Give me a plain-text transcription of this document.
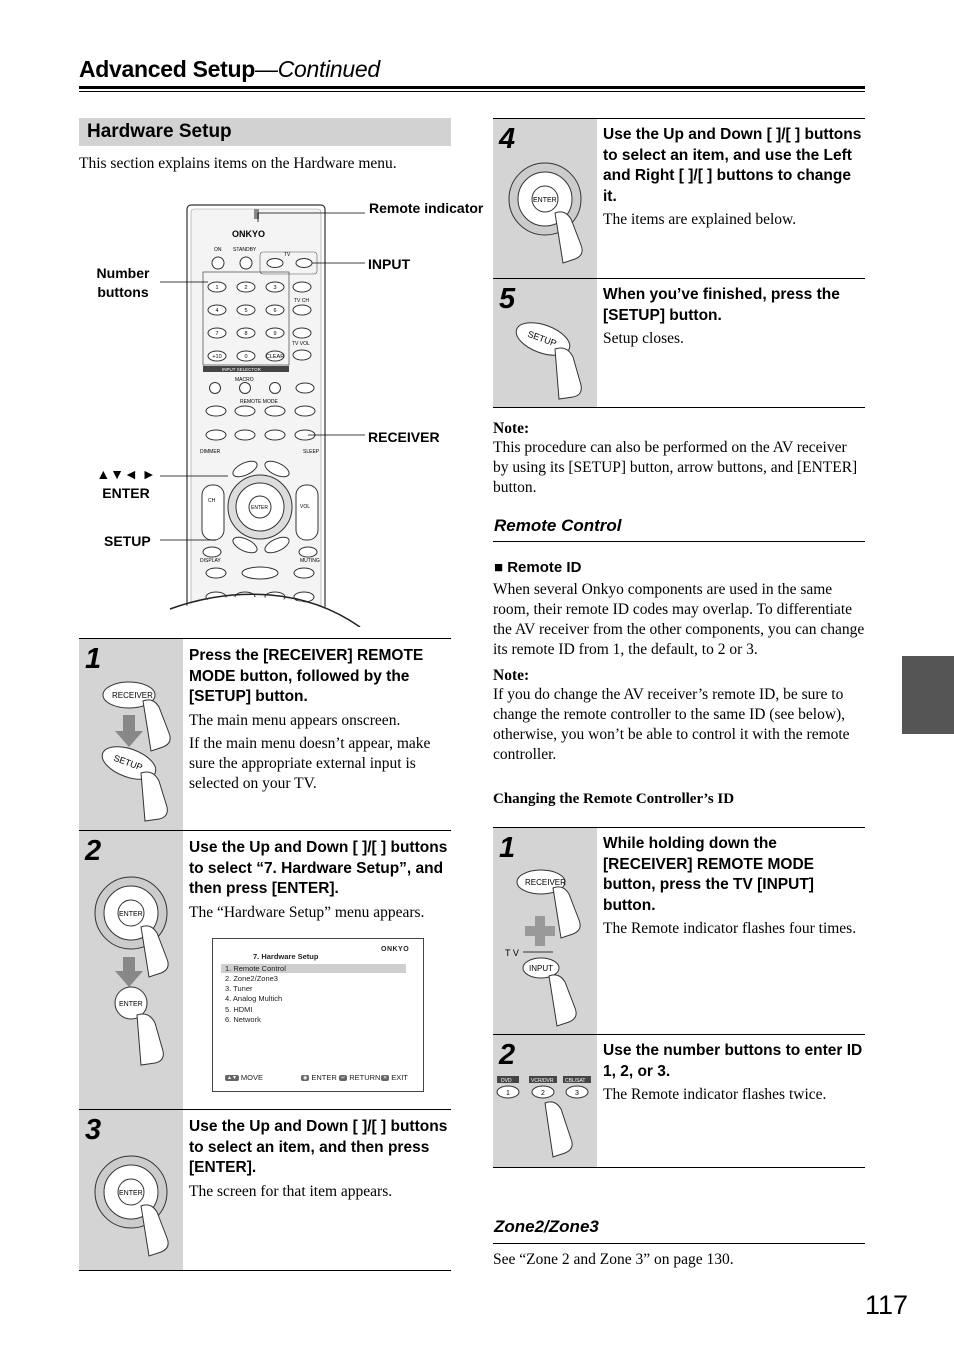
Advanced Setup—Continued
117
Hardware Setup
This section explains items on the Hardware menu.
ONKYO
ON STANDBY
TV
1	2	3
4	5	6
7	8	9
+10	0	CLEAR
TV CH
TV VOL
INPUT SELECTOR
MACRO
REMOTE MODE
DIMMER	SLEEP
ENTER
CH
VOL
DISPLAY	MUTING
Remote indicator
INPUT
Number buttons
RECEIVER
▲▼◄ ►
ENTER
SETUP
1
RECEIVER
SETUP
Press the [RECEIVER] REMOTE MODE button, followed by the [SETUP] button.

The main menu appears onscreen.

If the main menu doesn’t appear, make sure the appropriate external input is selected on your TV.

2
ENTER
ENTER
Use the Up and Down [ ]/[ ] buttons to select “7. Hardware Setup”, and then press [ENTER].

The “Hardware Setup” menu appears.

7. Hardware Setup
ONKYO
1. Remote Control
2. Zone2/Zone3
3. Tuner
4. Analog Multich
5. HDMI
6. Network
▲▼ MOVE	◉ ENTER ↵ RETURN ✕ EXIT
3
ENTER
Use the Up and Down [ ]/[ ] buttons to select an item, and then press [ENTER].

The screen for that item appears.

4
ENTER
Use the Up and Down [ ]/[ ] buttons to select an item, and use the Left and Right [ ]/[ ] buttons to change it.

The items are explained below.

5
SETUP
When you’ve finished, press the [SETUP] button.

Setup closes.

Note:
This procedure can also be performed on the AV receiver by using its [SETUP] button, arrow buttons, and [ENTER] button.
Remote Control
■ Remote ID
When several Onkyo components are used in the same room, their remote ID codes may overlap. To differentiate the AV receiver from the other components, you can change its remote ID from 1, the default, to 2 or 3.
Note:
If you do change the AV receiver’s remote ID, be sure to change the remote controller to the same ID (see below), otherwise, you won’t be able to control it with the remote controller.
Changing the Remote Controller’s ID
1
RECEIVER
T V
INPUT
While holding down the [RECEIVER] REMOTE MODE button, press the TV [INPUT] button.

The Remote indicator flashes four times.

2
DVD	VCR/DVR CBL/SAT
1	2	3
Use the number buttons to enter ID 1, 2, or 3.

The Remote indicator flashes twice.

Zone2/Zone3
See “Zone 2 and Zone 3” on page 130.
